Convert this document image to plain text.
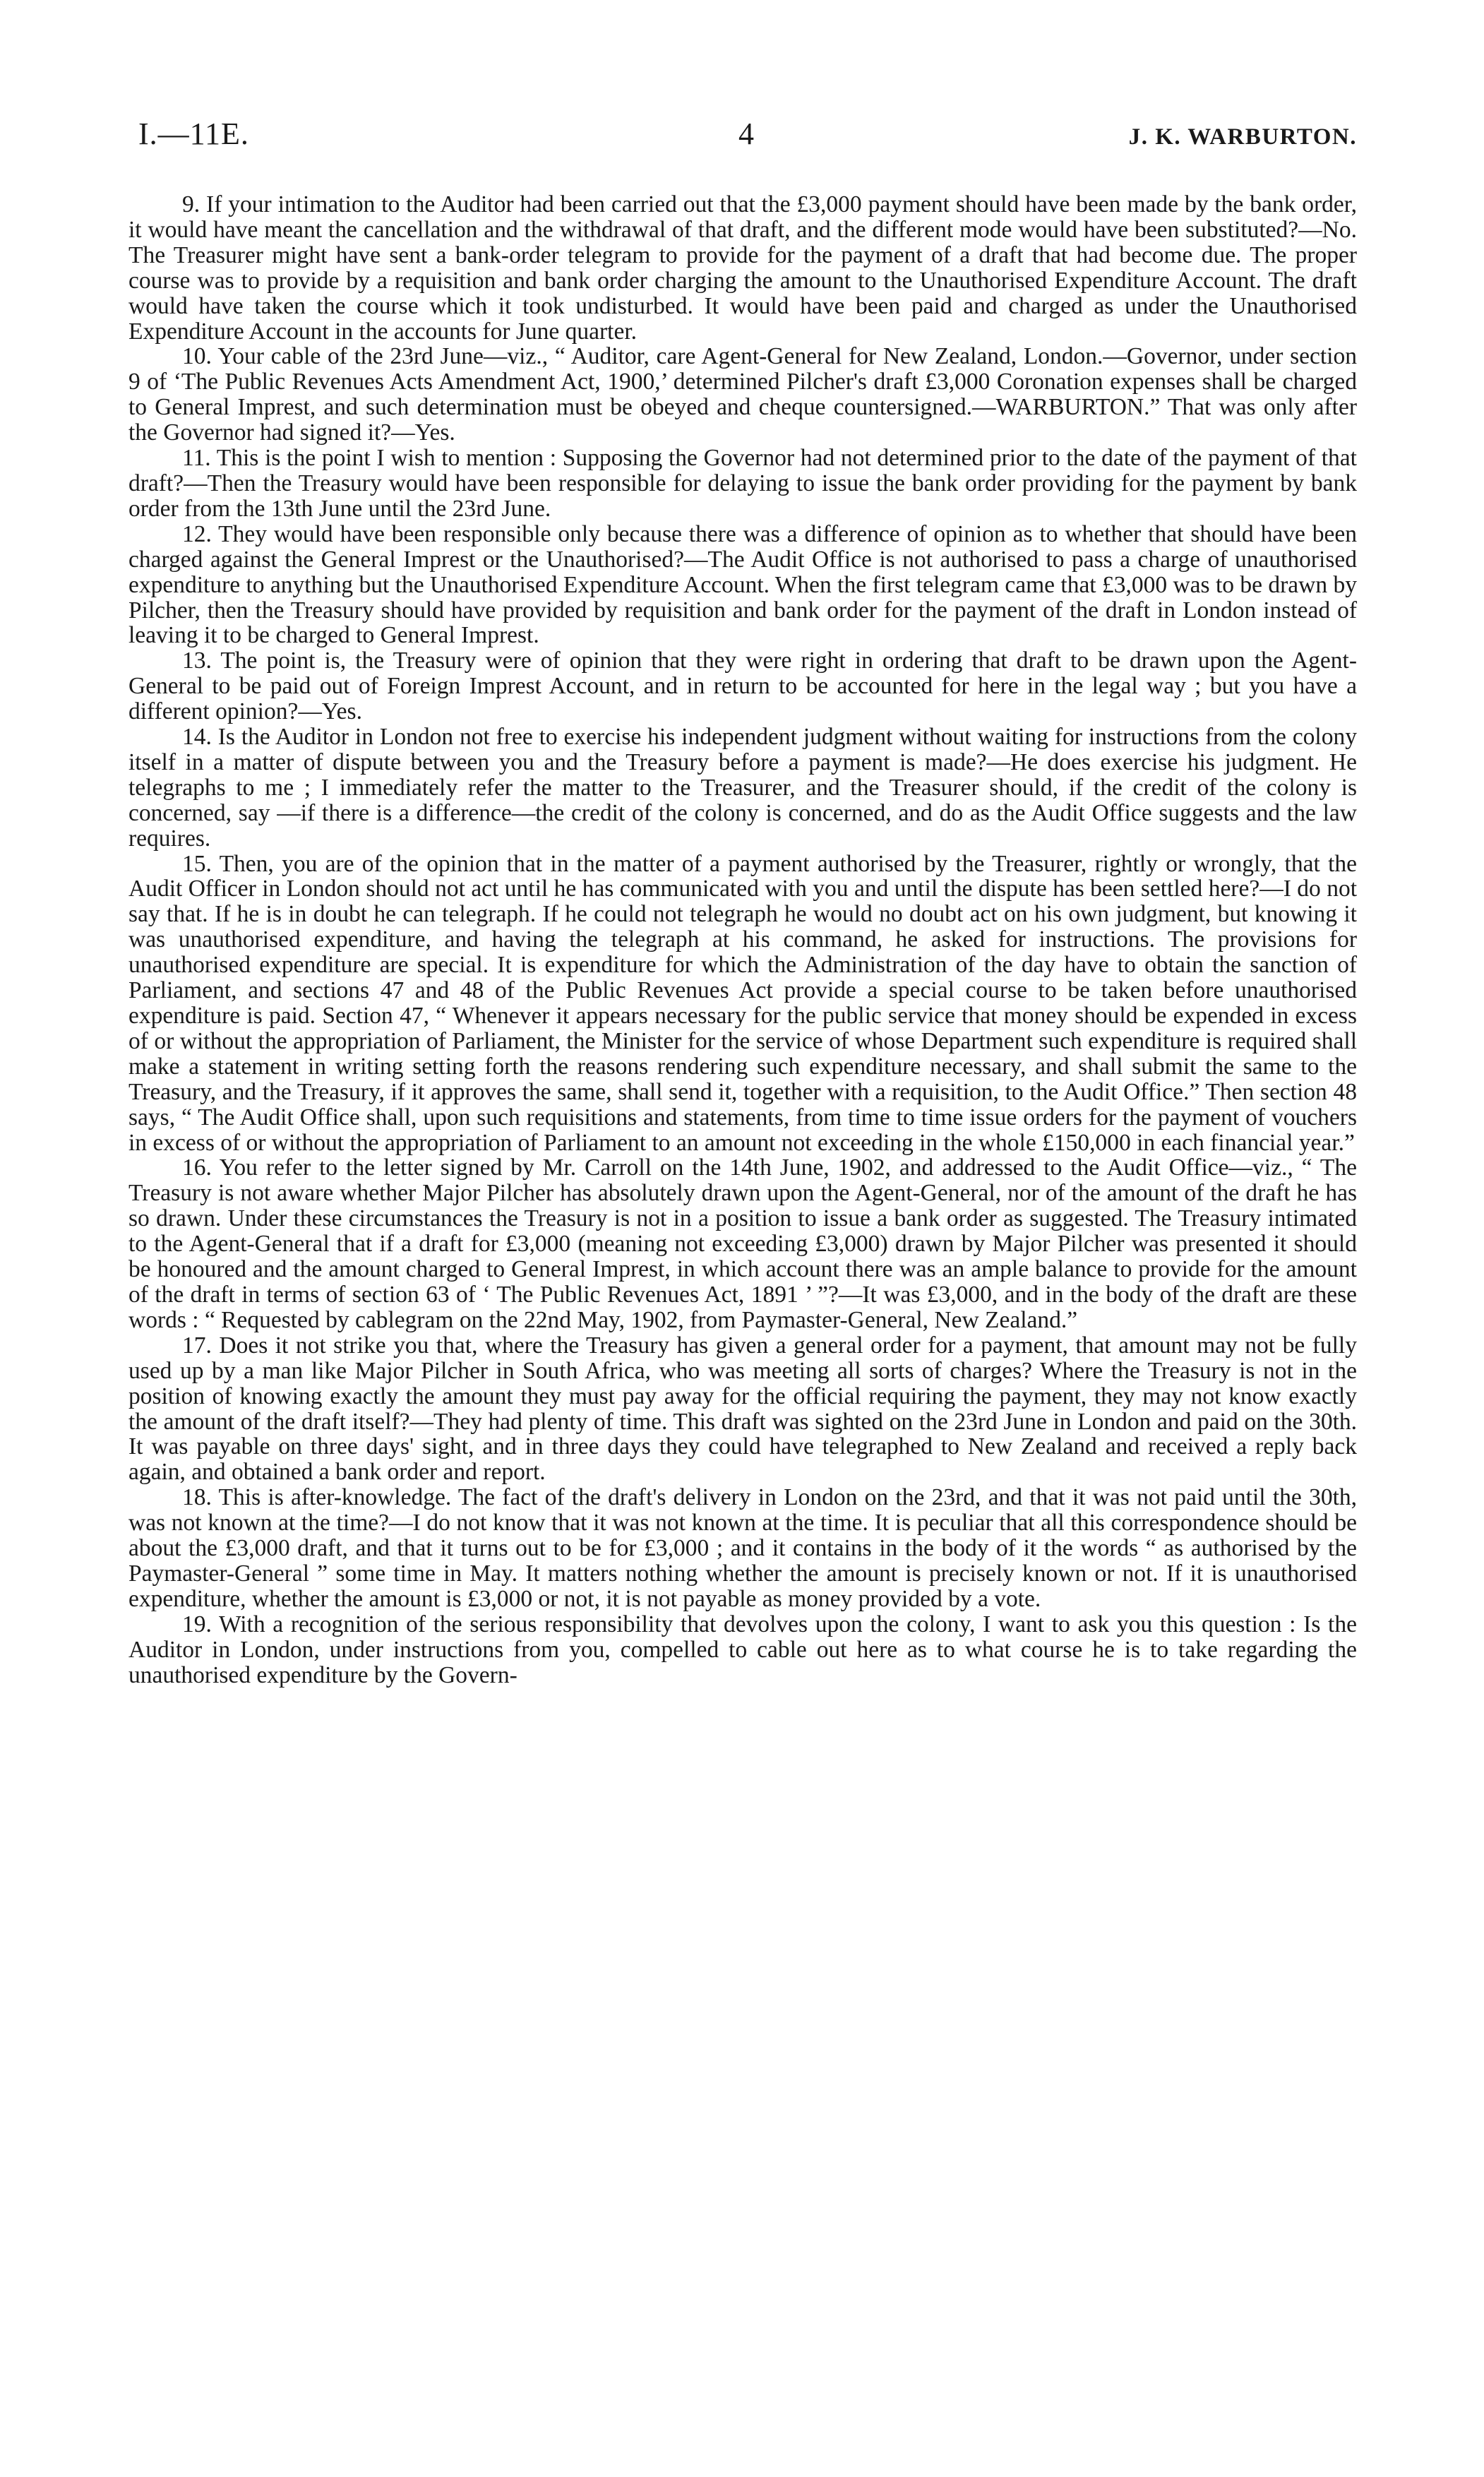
I.—11E.	4	J. K. WARBURTON.

9. If your intimation to the Auditor had been carried out that the £3,000 payment should have been made by the bank order, it would have meant the cancellation and the withdrawal of that draft, and the different mode would have been substituted?—No. The Treasurer might have sent a bank-order telegram to provide for the payment of a draft that had become due. The proper course was to provide by a requisition and bank order charging the amount to the Unauthorised Expenditure Account. The draft would have taken the course which it took undisturbed. It would have been paid and charged as under the Unauthorised Expenditure Account in the accounts for June quarter.

10. Your cable of the 23rd June—viz., “ Auditor, care Agent-General for New Zealand, London.—Governor, under section 9 of ‘The Public Revenues Acts Amendment Act, 1900,’ determined Pilcher's draft £3,000 Coronation expenses shall be charged to General Imprest, and such determination must be obeyed and cheque countersigned.—WARBURTON.” That was only after the Governor had signed it?—Yes.

11. This is the point I wish to mention : Supposing the Governor had not determined prior to the date of the payment of that draft?—Then the Treasury would have been responsible for delaying to issue the bank order providing for the payment by bank order from the 13th June until the 23rd June.

12. They would have been responsible only because there was a difference of opinion as to whether that should have been charged against the General Imprest or the Unauthorised?—The Audit Office is not authorised to pass a charge of unauthorised expenditure to anything but the Unauthorised Expenditure Account. When the first telegram came that £3,000 was to be drawn by Pilcher, then the Treasury should have provided by requisition and bank order for the payment of the draft in London instead of leaving it to be charged to General Imprest.

13. The point is, the Treasury were of opinion that they were right in ordering that draft to be drawn upon the Agent-General to be paid out of Foreign Imprest Account, and in return to be accounted for here in the legal way ; but you have a different opinion?—Yes.

14. Is the Auditor in London not free to exercise his independent judgment without waiting for instructions from the colony itself in a matter of dispute between you and the Treasury before a payment is made?—He does exercise his judgment. He telegraphs to me ; I immediately refer the matter to the Treasurer, and the Treasurer should, if the credit of the colony is concerned, say —if there is a difference—the credit of the colony is concerned, and do as the Audit Office suggests and the law requires.

15. Then, you are of the opinion that in the matter of a payment authorised by the Treasurer, rightly or wrongly, that the Audit Officer in London should not act until he has communicated with you and until the dispute has been settled here?—I do not say that. If he is in doubt he can telegraph. If he could not telegraph he would no doubt act on his own judgment, but knowing it was unauthorised expenditure, and having the telegraph at his command, he asked for instructions. The provisions for unauthorised expenditure are special. It is expenditure for which the Administration of the day have to obtain the sanction of Parliament, and sections 47 and 48 of the Public Revenues Act provide a special course to be taken before unauthorised expenditure is paid. Section 47, “ Whenever it appears necessary for the public service that money should be expended in excess of or without the appropriation of Parliament, the Minister for the service of whose Department such expenditure is required shall make a statement in writing setting forth the reasons rendering such expenditure necessary, and shall submit the same to the Treasury, and the Treasury, if it approves the same, shall send it, together with a requisition, to the Audit Office.” Then section 48 says, “ The Audit Office shall, upon such requisitions and statements, from time to time issue orders for the payment of vouchers in excess of or without the appropriation of Parliament to an amount not exceeding in the whole £150,000 in each financial year.”

16. You refer to the letter signed by Mr. Carroll on the 14th June, 1902, and addressed to the Audit Office—viz., “ The Treasury is not aware whether Major Pilcher has absolutely drawn upon the Agent-General, nor of the amount of the draft he has so drawn. Under these circumstances the Treasury is not in a position to issue a bank order as suggested. The Treasury intimated to the Agent-General that if a draft for £3,000 (meaning not exceeding £3,000) drawn by Major Pilcher was presented it should be honoured and the amount charged to General Imprest, in which account there was an ample balance to provide for the amount of the draft in terms of section 63 of ‘ The Public Revenues Act, 1891 ’ ”?—It was £3,000, and in the body of the draft are these words : “ Requested by cablegram on the 22nd May, 1902, from Paymaster-General, New Zealand.”

17. Does it not strike you that, where the Treasury has given a general order for a payment, that amount may not be fully used up by a man like Major Pilcher in South Africa, who was meeting all sorts of charges? Where the Treasury is not in the position of knowing exactly the amount they must pay away for the official requiring the payment, they may not know exactly the amount of the draft itself?—They had plenty of time. This draft was sighted on the 23rd June in London and paid on the 30th. It was payable on three days' sight, and in three days they could have telegraphed to New Zealand and received a reply back again, and obtained a bank order and report.

18. This is after-knowledge. The fact of the draft's delivery in London on the 23rd, and that it was not paid until the 30th, was not known at the time?—I do not know that it was not known at the time. It is peculiar that all this correspondence should be about the £3,000 draft, and that it turns out to be for £3,000 ; and it contains in the body of it the words “ as authorised by the Paymaster-General ” some time in May. It matters nothing whether the amount is precisely known or not. If it is unauthorised expenditure, whether the amount is £3,000 or not, it is not payable as money provided by a vote.

19. With a recognition of the serious responsibility that devolves upon the colony, I want to ask you this question : Is the Auditor in London, under instructions from you, compelled to cable out here as to what course he is to take regarding the unauthorised expenditure by the Govern-
